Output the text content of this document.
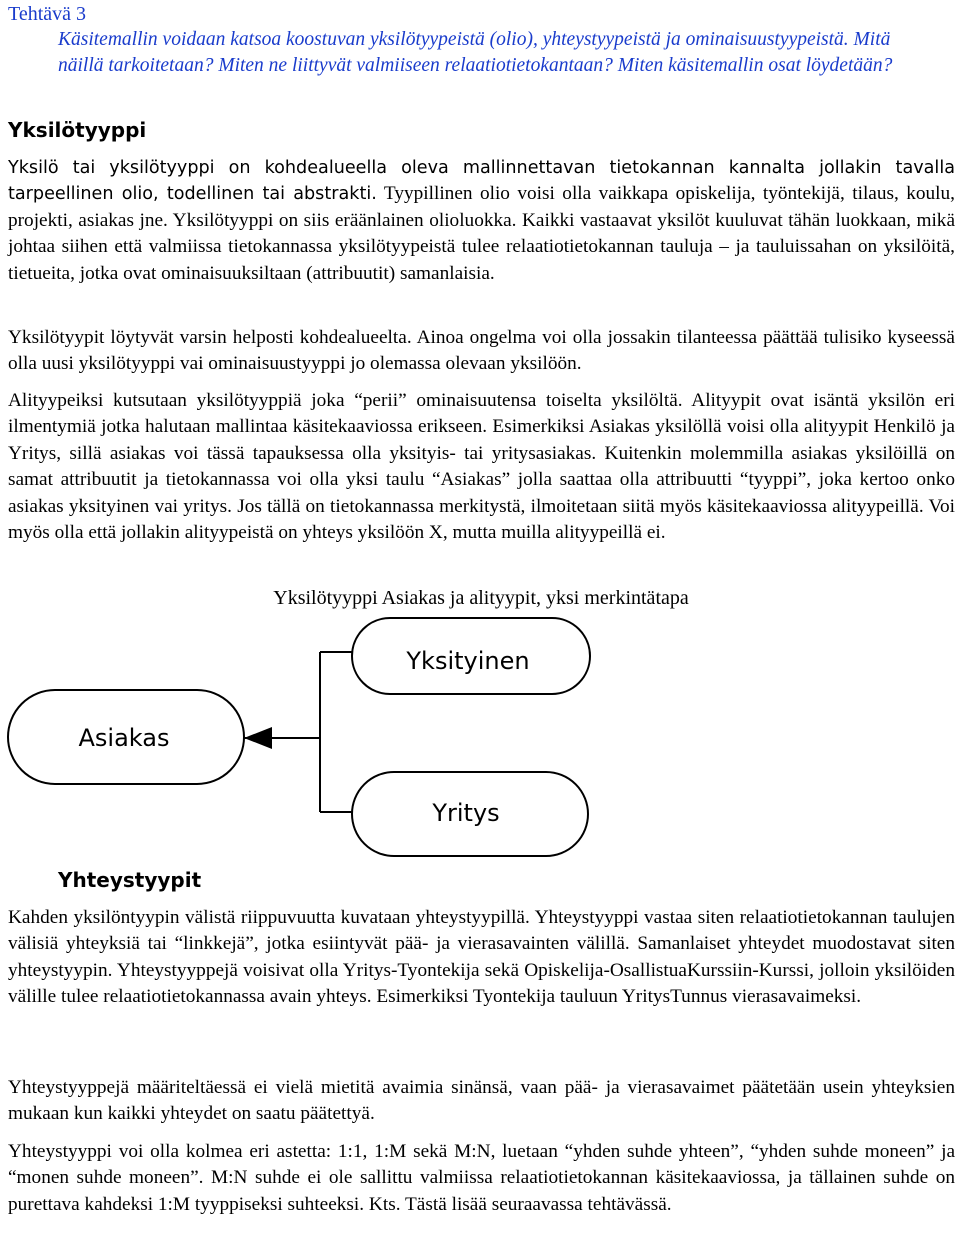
Tehtävä 3
Käsitemallin voidaan katsoa koostuvan yksilötyypeistä (olio), yhteystyypeistä ja ominaisuustyypeistä. Mitä näillä tarkoitetaan? Miten ne liittyvät valmiiseen relaatiotietokantaan? Miten käsitemallin osat löydetään?
Yksilötyyppi
Yksilö tai yksilötyyppi on kohdealueella oleva mallinnettavan tietokannan kannalta jollakin tavalla tarpeellinen olio, todellinen tai abstrakti. Tyypillinen olio voisi olla vaikkapa opiskelija, työntekijä, tilaus, koulu, projekti, asiakas jne. Yksilötyyppi on siis eräänlainen olioluokka. Kaikki vastaavat yksilöt kuuluvat tähän luokkaan, mikä johtaa siihen että valmiissa tietokannassa yksilötyypeistä tulee relaatiotietokannan tauluja – ja tauluissahan on yksilöitä, tietueita, jotka ovat ominaisuuksiltaan (attribuutit) samanlaisia.
Yksilötyypit löytyvät varsin helposti kohdealueelta. Ainoa ongelma voi olla jossakin tilanteessa päättää tulisiko kyseessä olla uusi yksilötyyppi vai ominaisuustyyppi jo olemassa olevaan yksilöön.
Alityypeiksi kutsutaan yksilötyyppiä joka “perii” ominaisuutensa toiselta yksilöltä. Alityypit ovat isäntä yksilön eri ilmentymiä jotka halutaan mallintaa käsitekaaviossa erikseen. Esimerkiksi Asiakas yksilöllä voisi olla alityypit Henkilö ja Yritys, sillä asiakas voi tässä tapauksessa olla yksityis- tai yritysasiakas. Kuitenkin molemmilla asiakas yksilöillä on samat attribuutit ja tietokannassa voi olla yksi taulu “Asiakas” jolla saattaa olla attribuutti “tyyppi”, joka kertoo onko asiakas yksityinen vai yritys. Jos tällä on tietokannassa merkitystä, ilmoitetaan siitä myös käsitekaaviossa alityypeillä. Voi myös olla että jollakin alityypeistä on yhteys yksilöön X, mutta muilla alityypeillä ei.
Yksilötyyppi Asiakas ja alityypit, yksi merkintätapa
Asiakas
Yksityinen
Yritys
Yhteystyypit
Kahden yksilöntyypin välistä riippuvuutta kuvataan yhteystyypillä. Yhteystyyppi vastaa siten relaatiotietokannan taulujen välisiä yhteyksiä tai “linkkejä”, jotka esiintyvät pää- ja vierasavainten välillä. Samanlaiset yhteydet muodostavat siten yhteystyypin. Yhteystyyppejä voisivat olla Yritys-Tyontekija sekä Opiskelija-OsallistuaKurssiin-Kurssi, jolloin yksilöiden välille tulee relaatiotietokannassa avain yhteys. Esimerkiksi Tyontekija tauluun YritysTunnus vierasavaimeksi.
Yhteystyyppejä määriteltäessä ei vielä mietitä avaimia sinänsä, vaan pää- ja vierasavaimet päätetään usein yhteyksien mukaan kun kaikki yhteydet on saatu päätettyä.
Yhteystyyppi voi olla kolmea eri astetta: 1:1, 1:M sekä M:N, luetaan “yhden suhde yhteen”, “yhden suhde moneen” ja “monen suhde moneen”. M:N suhde ei ole sallittu valmiissa relaatiotietokannan käsitekaaviossa, ja tällainen suhde on purettava kahdeksi 1:M tyyppiseksi suhteeksi. Kts. Tästä lisää seuraavassa tehtävässä.
